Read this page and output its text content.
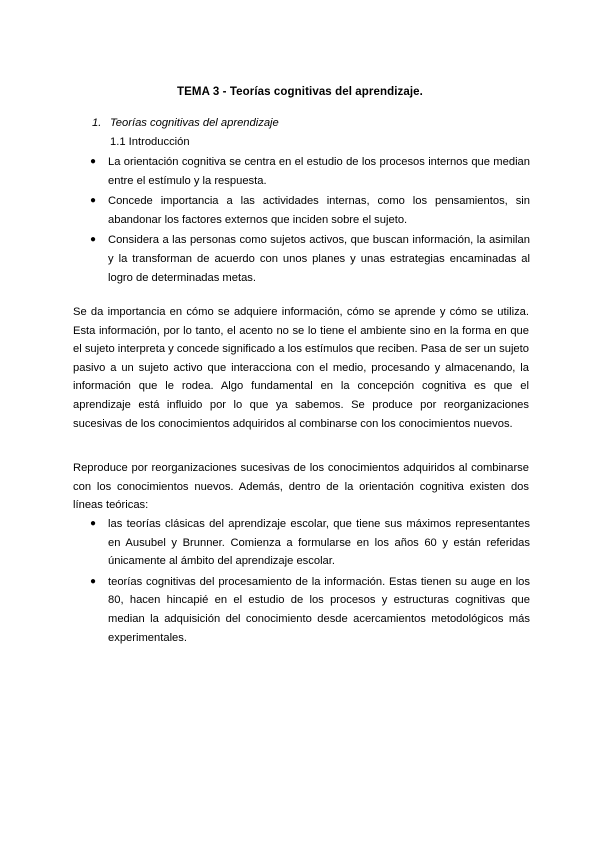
TEMA 3 - Teorías cognitivas del aprendizaje.
1. Teorías cognitivas del aprendizaje
1.1 Introducción
● La orientación cognitiva se centra en el estudio de los procesos internos que median entre el estímulo y la respuesta.
● Concede importancia a las actividades internas, como los pensamientos, sin abandonar los factores externos que inciden sobre el sujeto.
● Considera a las personas como sujetos activos, que buscan información, la asimilan y la transforman de acuerdo con unos planes y unas estrategias encaminadas al logro de determinadas metas.

Se da importancia en cómo se adquiere información, cómo se aprende y cómo se utiliza. Esta información, por lo tanto, el acento no se lo tiene el ambiente sino en la forma en que el sujeto interpreta y concede significado a los estímulos que reciben. Pasa de ser un sujeto pasivo a un sujeto activo que interacciona con el medio, procesando y almacenando, la información que le rodea. Algo fundamental en la concepción cognitiva es que el aprendizaje está influido por lo que ya sabemos. Se produce por reorganizaciones sucesivas de los conocimientos adquiridos al combinarse con los conocimientos nuevos.

Reproduce por reorganizaciones sucesivas de los conocimientos adquiridos al combinarse con los conocimientos nuevos. Además, dentro de la orientación cognitiva existen dos líneas teóricas:

● las teorías clásicas del aprendizaje escolar, que tiene sus máximos representantes en Ausubel y Brunner. Comienza a formularse en los años 60 y están referidas únicamente al ámbito del aprendizaje escolar.
● teorías cognitivas del procesamiento de la información. Estas tienen su auge en los 80, hacen hincapié en el estudio de los procesos y estructuras cognitivas que median la adquisición del conocimiento desde acercamientos metodológicos más experimentales.
